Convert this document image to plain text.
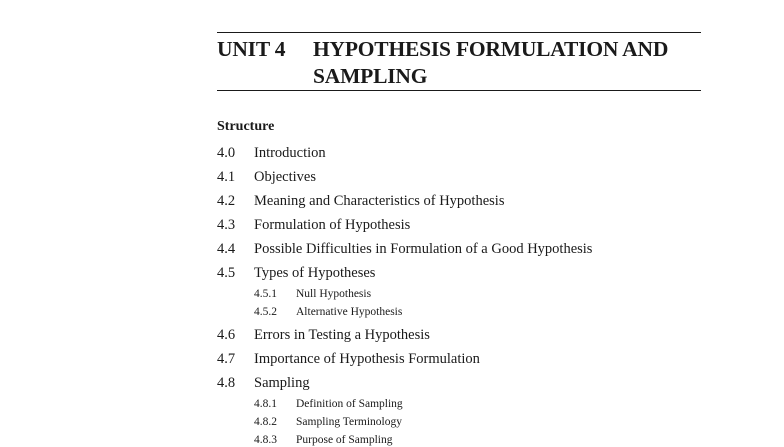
UNIT 4 HYPOTHESIS FORMULATION AND SAMPLING
Structure
4.0 Introduction
4.1 Objectives
4.2 Meaning and Characteristics of Hypothesis
4.3 Formulation of Hypothesis
4.4 Possible Difficulties in Formulation of a Good Hypothesis
4.5 Types of Hypotheses
4.5.1 Null Hypothesis
4.5.2 Alternative Hypothesis
4.6 Errors in Testing a Hypothesis
4.7 Importance of Hypothesis Formulation
4.8 Sampling
4.8.1 Definition of Sampling
4.8.2 Sampling Terminology
4.8.3 Purpose of Sampling
